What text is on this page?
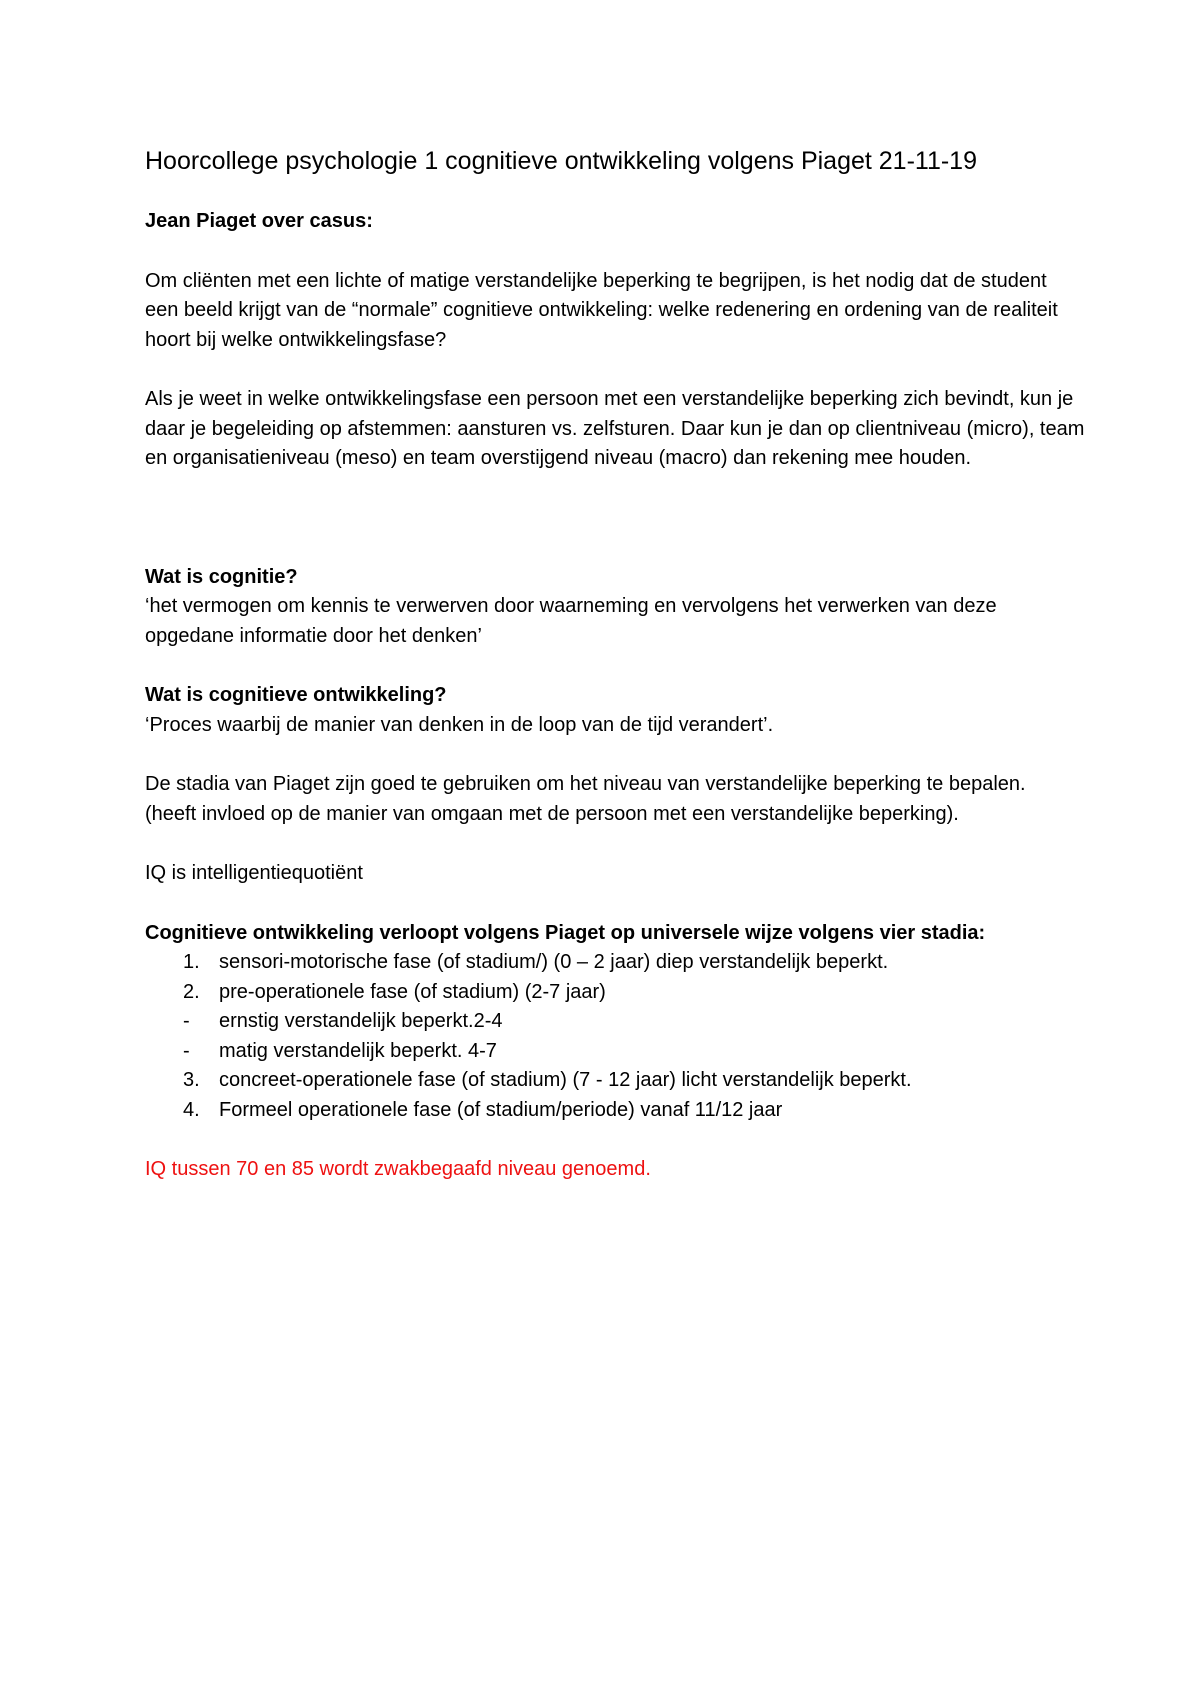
Hoorcollege psychologie 1 cognitieve ontwikkeling volgens Piaget 21-11-19

Jean Piaget over casus:

Om cliënten met een lichte of matige verstandelijke beperking te begrijpen, is het nodig dat de student een beeld krijgt van de “normale” cognitieve ontwikkeling: welke redenering en ordening van de realiteit hoort bij welke ontwikkelingsfase?

Als je weet in welke ontwikkelingsfase een persoon met een verstandelijke beperking zich bevindt, kun je daar je begeleiding op afstemmen: aansturen vs. zelfsturen. Daar kun je dan op clientniveau (micro), team en organisatieniveau (meso) en team overstijgend niveau (macro) dan rekening mee houden.

Wat is cognitie?

‘het vermogen om kennis te verwerven door waarneming en vervolgens het verwerken van deze opgedane informatie door het denken’

Wat is cognitieve ontwikkeling?

‘Proces waarbij de manier van denken in de loop van de tijd verandert’.

De stadia van Piaget zijn goed te gebruiken om het niveau van verstandelijke beperking te bepalen.

(heeft invloed op de manier van omgaan met de persoon met een verstandelijke beperking).

IQ is intelligentiequotiënt

Cognitieve ontwikkeling verloopt volgens Piaget op universele wijze volgens vier stadia:

1. sensori-motorische fase (of stadium/) (0 – 2 jaar) diep verstandelijk beperkt.
2. pre-operationele fase (of stadium) (2-7 jaar)
- ernstig verstandelijk beperkt.2-4
- matig verstandelijk beperkt. 4-7
3. concreet-operationele fase (of stadium) (7 - 12 jaar) licht verstandelijk beperkt.
4. Formeel operationele fase (of stadium/periode) vanaf 11/12 jaar

IQ tussen 70 en 85 wordt zwakbegaafd niveau genoemd.
